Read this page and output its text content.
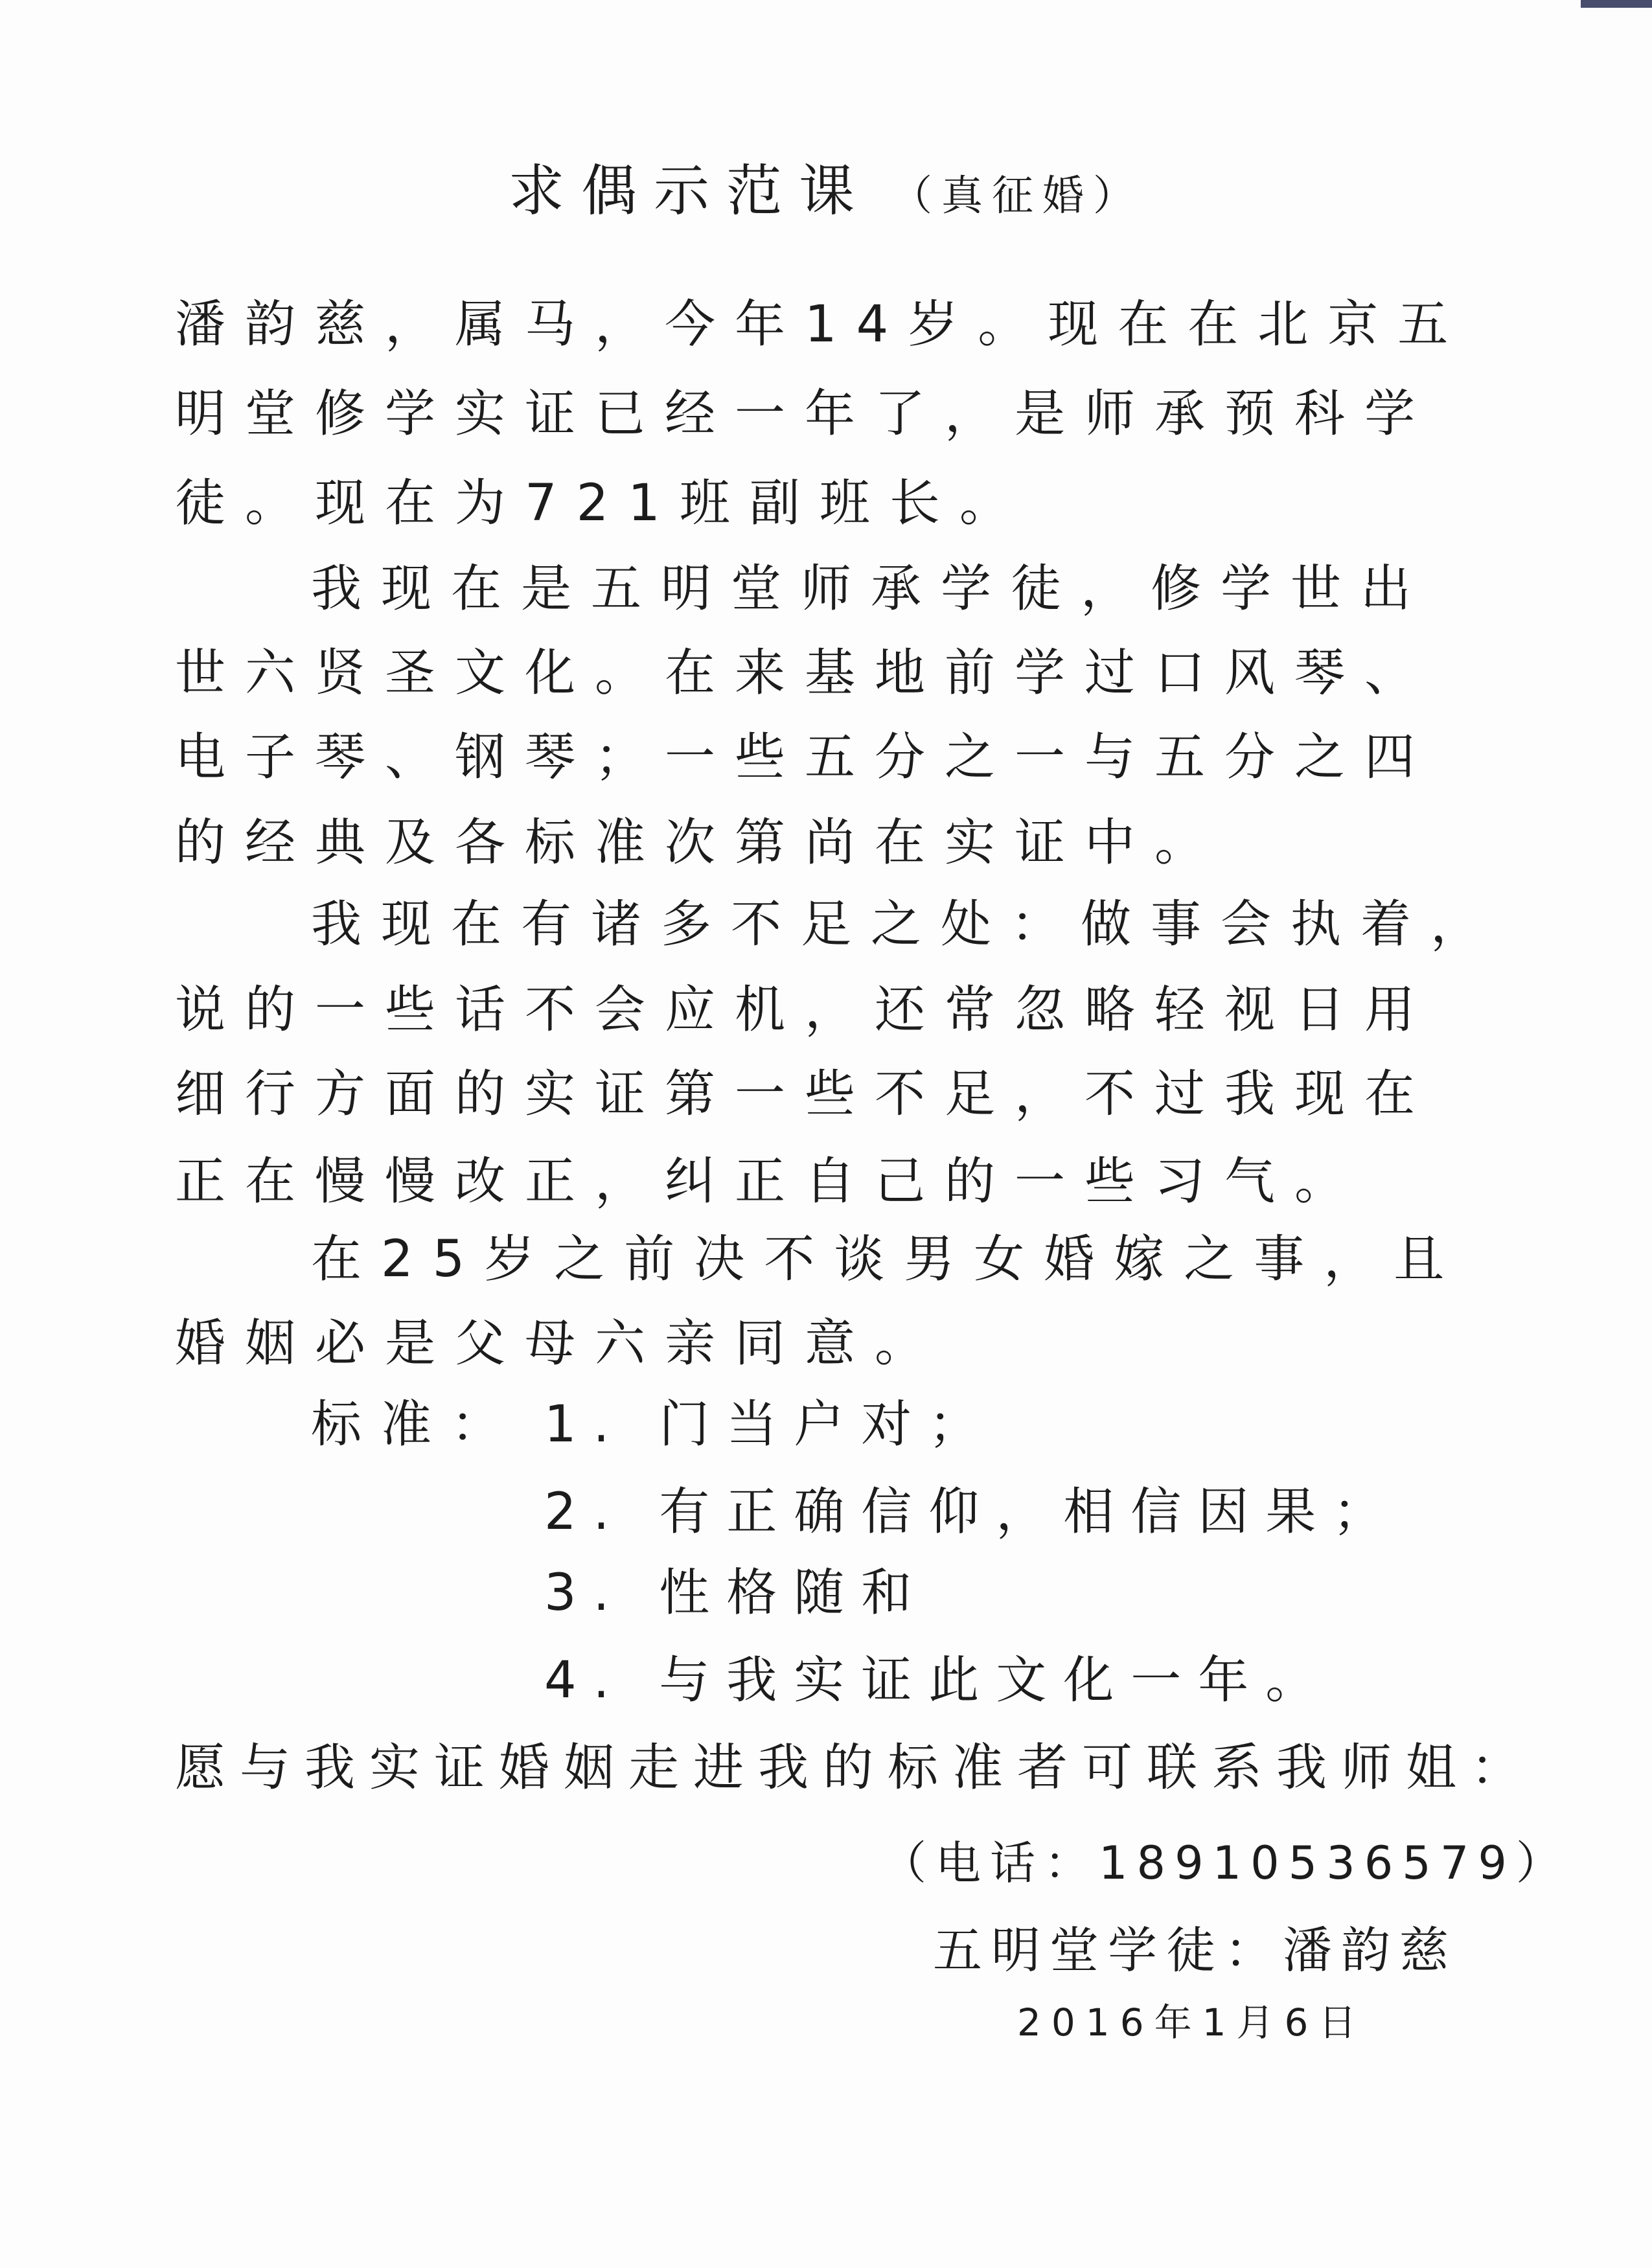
求偶示范课 （真征婚）
潘韵慈，属马，今年14岁。现在在北京五
明堂修学实证已经一年了，是师承预科学
徒。现在为721班副班长。
我现在是五明堂师承学徒，修学世出
世六贤圣文化。在来基地前学过口风琴、
电子琴、钢琴；一些五分之一与五分之四
的经典及各标准次第尚在实证中。
我现在有诸多不足之处：做事会执着，
说的一些话不会应机，还常忽略轻视日用
细行方面的实证第一些不足，不过我现在
正在慢慢改正，纠正自己的一些习气。
在25岁之前决不谈男女婚嫁之事，且
婚姻必是父母六亲同意。
标准： 1. 门当户对；
2. 有正确信仰，相信因果；
3. 性格随和
4. 与我实证此文化一年。
愿与我实证婚姻走进我的标准者可联系我师姐：
（电话：18910536579）
五明堂学徒：潘韵慈
2016年1月6日
